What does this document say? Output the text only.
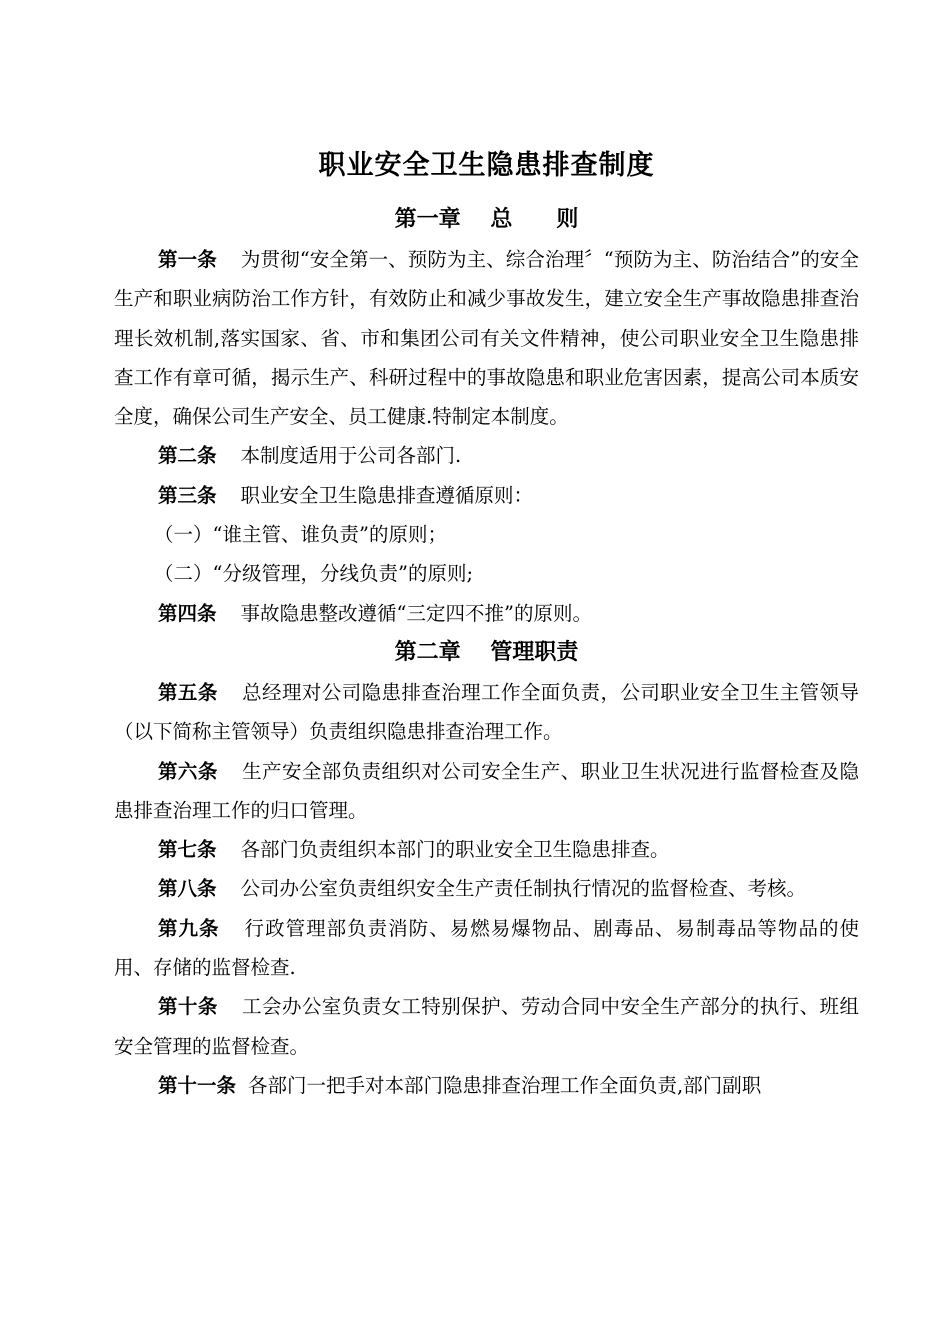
职业安全卫生隐患排查制度
第一章　 总　　则

第一条 为贯彻“安全第一、预防为主、综合治理〞“预防为主、防治结合”的安全生产和职业病防治工作方针，有效防止和减少事故发生，建立安全生产事故隐患排查治理长效机制,落实国家、省、市和集团公司有关文件精神，使公司职业安全卫生隐患排查工作有章可循，揭示生产、科研过程中的事故隐患和职业危害因素，提高公司本质安全度，确保公司生产安全、员工健康.特制定本制度。

第二条 本制度适用于公司各部门.

第三条 职业安全卫生隐患排查遵循原则：

（一）“谁主管、谁负责”的原则；

（二）“分级管理，分线负责”的原则;

第四条 事故隐患整改遵循“三定四不推”的原则。

第二章　 管理职责

第五条 总经理对公司隐患排查治理工作全面负责，公司职业安全卫生主管领导（以下简称主管领导）负责组织隐患排查治理工作。

第六条 生产安全部负责组织对公司安全生产、职业卫生状况进行监督检查及隐患排查治理工作的归口管理。

第七条 各部门负责组织本部门的职业安全卫生隐患排查。

第八条 公司办公室负责组织安全生产责任制执行情况的监督检查、考核。

第九条 行政管理部负责消防、易燃易爆物品、剧毒品、易制毒品等物品的使用、存储的监督检查.

第十条 工会办公室负责女工特别保护、劳动合同中安全生产部分的执行、班组安全管理的监督检查。

第十一条 各部门一把手对本部门隐患排查治理工作全面负责,部门副职
